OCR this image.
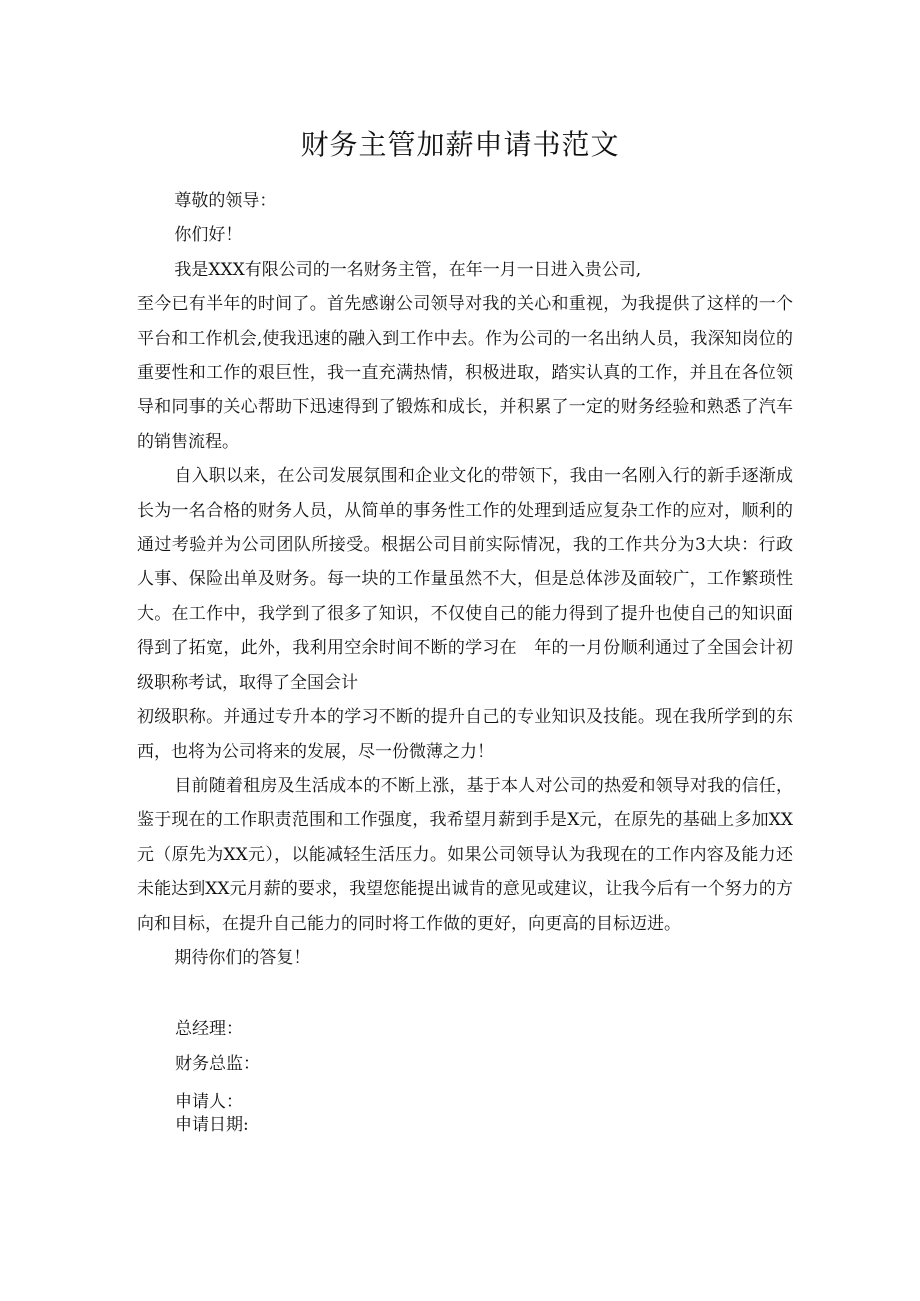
财务主管加薪申请书范文

尊敬的领导：

你们好！

我是XXX有限公司的一名财务主管，在年一月一日进入贵公司,

至今已有半年的时间了。首先感谢公司领导对我的关心和重视，为我提供了这样的一个平台和工作机会,使我迅速的融入到工作中去。作为公司的一名出纳人员，我深知岗位的重要性和工作的艰巨性，我一直充满热情，积极进取，踏实认真的工作，并且在各位领导和同事的关心帮助下迅速得到了锻炼和成长，并积累了一定的财务经验和熟悉了汽车的销售流程。

自入职以来，在公司发展氛围和企业文化的带领下，我由一名刚入行的新手逐渐成长为一名合格的财务人员，从简单的事务性工作的处理到适应复杂工作的应对，顺利的通过考验并为公司团队所接受。根据公司目前实际情况，我的工作共分为3大块：行政人事、保险出单及财务。每一块的工作量虽然不大，但是总体涉及面较广，工作繁琐性大。在工作中，我学到了很多了知识，不仅使自己的能力得到了提升也使自己的知识面得到了拓宽，此外，我利用空余时间不断的学习在　年的一月份顺利通过了全国会计初级职称考试，取得了全国会计

初级职称。并通过专升本的学习不断的提升自己的专业知识及技能。现在我所学到的东西，也将为公司将来的发展，尽一份微薄之力！

目前随着租房及生活成本的不断上涨，基于本人对公司的热爱和领导对我的信任，鉴于现在的工作职责范围和工作强度，我希望月薪到手是X元，在原先的基础上多加XX元（原先为XX元），以能减轻生活压力。如果公司领导认为我现在的工作内容及能力还未能达到XX元月薪的要求，我望您能提出诚肯的意见或建议，让我今后有一个努力的方向和目标，在提升自己能力的同时将工作做的更好，向更高的目标迈进。

期待你们的答复！

总经理：
财务总监：
申请人：
申请日期:
